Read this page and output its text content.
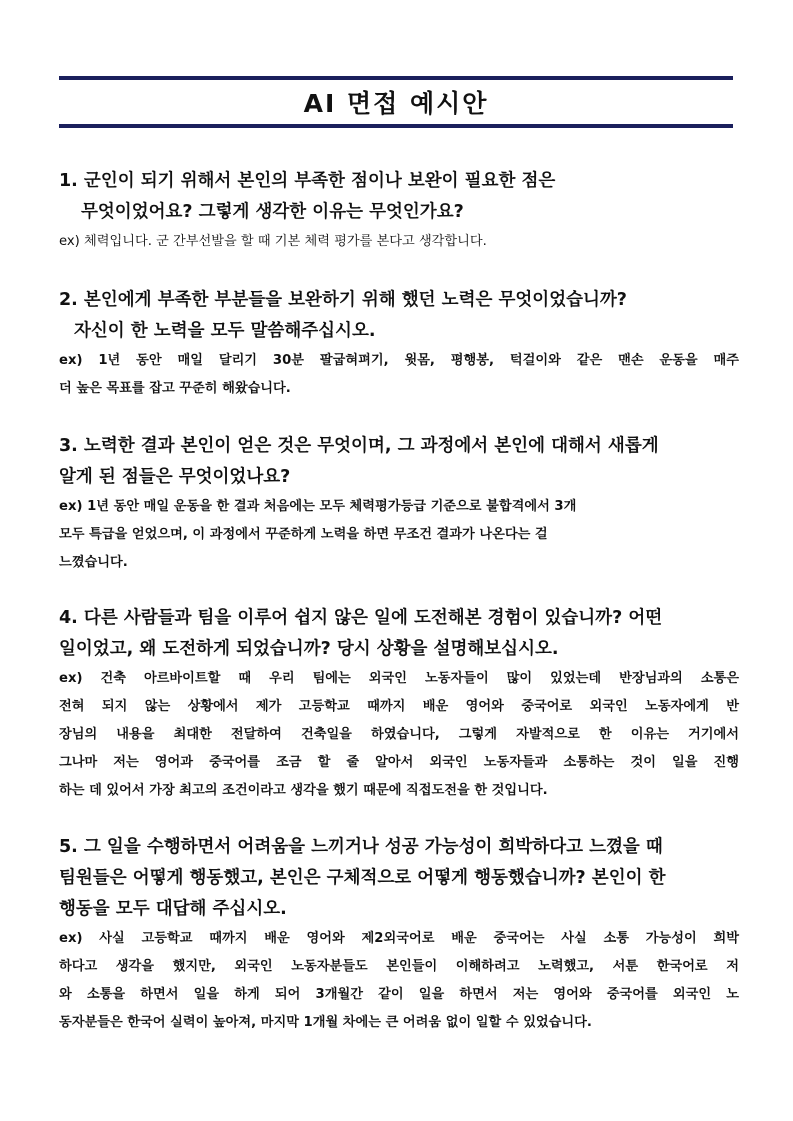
AI 면접 예시안
1. 군인이 되기 위해서 본인의 부족한 점이나 보완이 필요한 점은
무엇이었어요? 그렇게 생각한 이유는 무엇인가요?
ex) 체력입니다. 군 간부선발을 할 때 기본 체력 평가를 본다고 생각합니다.
2. 본인에게 부족한 부분들을 보완하기 위해 했던 노력은 무엇이었습니까?
자신이 한 노력을 모두 말씀해주십시오.
ex) 1년 동안 매일 달리기 30분 팔굽혀펴기, 윗몸, 평행봉, 턱걸이와 같은 맨손 운동을 매주
더 높은 목표를 잡고 꾸준히 해왔습니다.
3. 노력한 결과 본인이 얻은 것은 무엇이며, 그 과정에서 본인에 대해서 새롭게
알게 된 점들은 무엇이었나요?
ex) 1년 동안 매일 운동을 한 결과 처음에는 모두 체력평가등급 기준으로 불합격에서 3개
모두 특급을 얻었으며, 이 과정에서 꾸준하게 노력을 하면 무조건 결과가 나온다는 걸
느꼈습니다.
4. 다른 사람들과 팀을 이루어 쉽지 않은 일에 도전해본 경험이 있습니까? 어떤
일이었고, 왜 도전하게 되었습니까? 당시 상황을 설명해보십시오.
ex) 건축 아르바이트할 때 우리 팀에는 외국인 노동자들이 많이 있었는데 반장님과의 소통은
전혀 되지 않는 상황에서 제가 고등학교 때까지 배운 영어와 중국어로 외국인 노동자에게 반
장님의 내용을 최대한 전달하여 건축일을 하였습니다, 그렇게 자발적으로 한 이유는 거기에서
그나마 저는 영어과 중국어를 조금 할 줄 알아서 외국인 노동자들과 소통하는 것이 일을 진행
하는 데 있어서 가장 최고의 조건이라고 생각을 했기 때문에 직접도전을 한 것입니다.
5. 그 일을 수행하면서 어려움을 느끼거나 성공 가능성이 희박하다고 느꼈을 때
팀원들은 어떻게 행동했고, 본인은 구체적으로 어떻게 행동했습니까? 본인이 한
행동을 모두 대답해 주십시오.
ex) 사실 고등학교 때까지 배운 영어와 제2외국어로 배운 중국어는 사실 소통 가능성이 희박
하다고 생각을 했지만, 외국인 노동자분들도 본인들이 이해하려고 노력했고, 서툰 한국어로 저
와 소통을 하면서 일을 하게 되어 3개월간 같이 일을 하면서 저는 영어와 중국어를 외국인 노
동자분들은 한국어 실력이 높아져, 마지막 1개월 차에는 큰 어려움 없이 일할 수 있었습니다.
